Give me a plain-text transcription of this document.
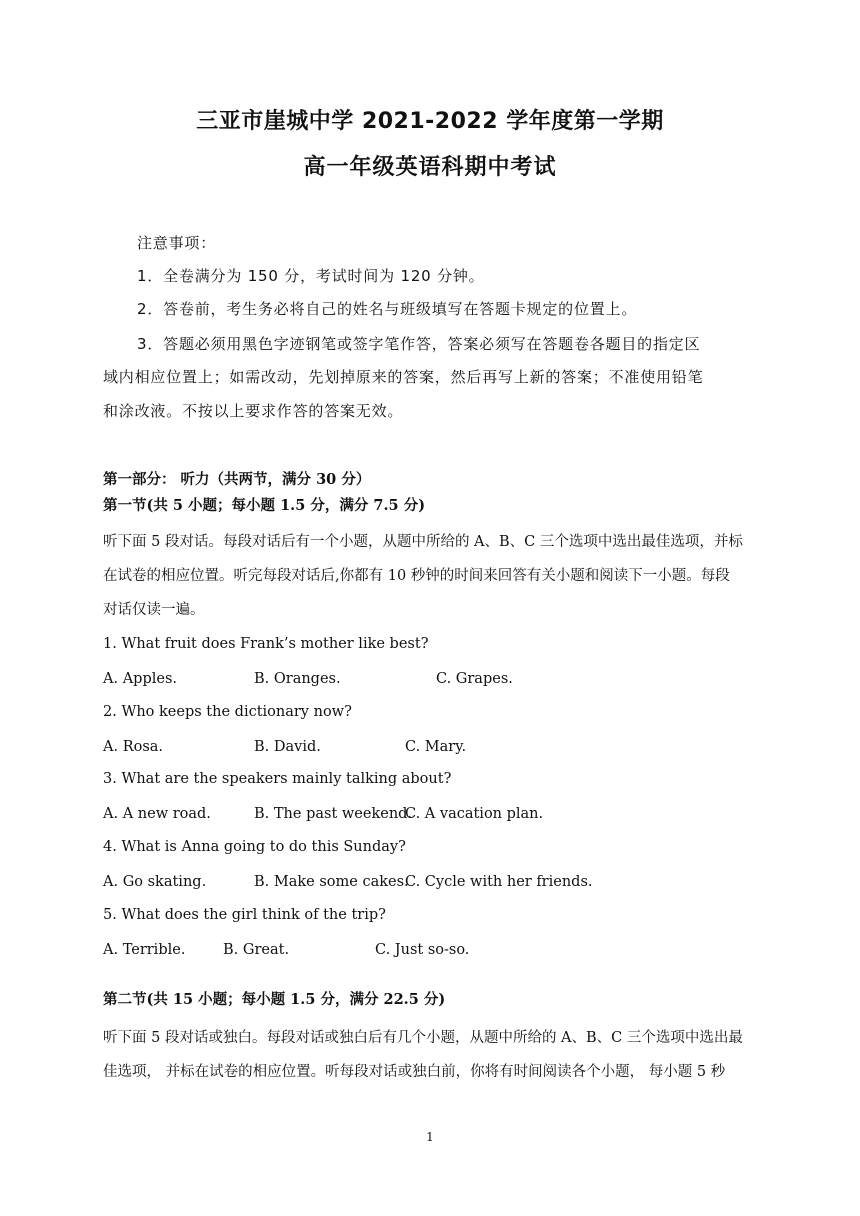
三亚市崖城中学 2021-2022 学年度第一学期
高一年级英语科期中考试
注意事项：
1．全卷满分为 150 分，考试时间为 120 分钟。
2．答卷前，考生务必将自己的姓名与班级填写在答题卡规定的位置上。
3．答题必须用黑色字迹钢笔或签字笔作答，答案必须写在答题卷各题目的指定区
域内相应位置上；如需改动，先划掉原来的答案，然后再写上新的答案；不准使用铅笔
和涂改液。不按以上要求作答的答案无效。
第一部分： 听力（共两节，满分 30 分）
第一节(共 5 小题；每小题 1.5 分，满分 7.5 分)
听下面 5 段对话。每段对话后有一个小题，从题中所给的 A、B、C 三个选项中选出最佳选项，并标
在试卷的相应位置。听完每段对话后,你都有 10 秒钟的时间来回答有关小题和阅读下一小题。每段
对话仅读一遍。
1. What fruit does Frank’s mother like best?
A. Apples.	B. Oranges.	C. Grapes.
2. Who keeps the dictionary now?
A. Rosa.	B. David.	C. Mary.
3. What are the speakers mainly talking about?
A. A new road.	B. The past weekend.
C. A vacation plan.
4. What is Anna going to do this Sunday?
A. Go skating.	B. Make some cakes.
C. Cycle with her friends.
5. What does the girl think of the trip?
A. Terrible.	B. Great.	C. Just so-so.
第二节(共 15 小题；每小题 1.5 分，满分 22.5 分)
听下面 5 段对话或独白。每段对话或独白后有几个小题，从题中所给的 A、B、C 三个选项中选出最
佳选项， 并标在试卷的相应位置。听每段对话或独白前，你将有时间阅读各个小题， 每小题 5 秒
1
